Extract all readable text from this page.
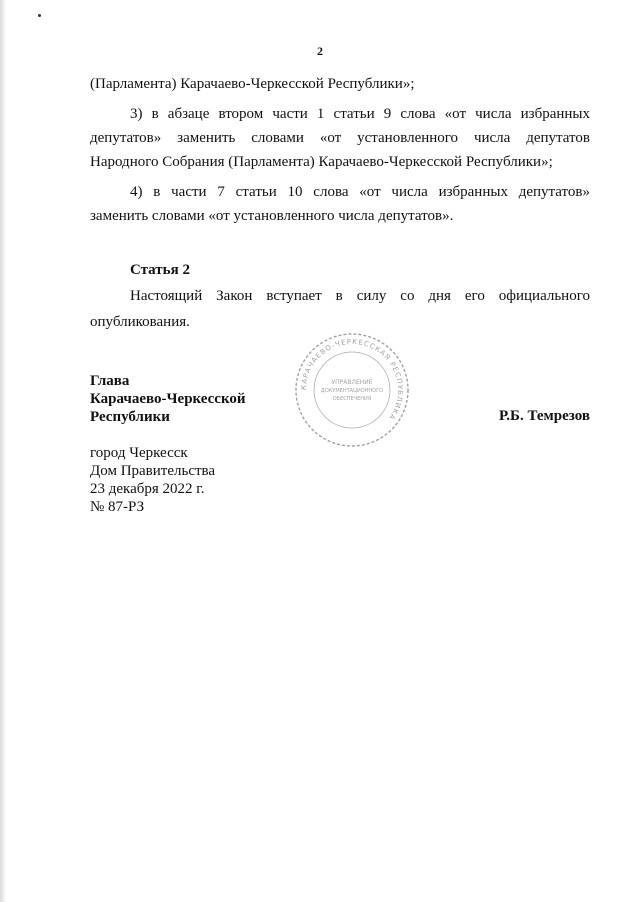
2
(Парламента) Карачаево-Черкесской Республики»;
3) в абзаце втором части 1 статьи 9 слова «от числа избранных
депутатов» заменить словами «от установленного числа депутатов
Народного Собрания (Парламента) Карачаево-Черкесской Республики»;
4) в части 7 статьи 10 слова «от числа избранных депутатов»
заменить словами «от установленного числа депутатов».
Статья 2
Настоящий Закон вступает в силу со дня его официального
опубликования.
КАРАЧАЕВО-ЧЕРКЕССКАЯ РЕСПУБЛИКА
УПРАВЛЕНИЕ
ДОКУМЕНТАЦИОННОГО
ОБЕСПЕЧЕНИЯ
Глава
Карачаево-Черкесской
Республики	Р.Б. Темрезов
город Черкесск
Дом Правительства
23 декабря 2022 г.
№ 87-РЗ
